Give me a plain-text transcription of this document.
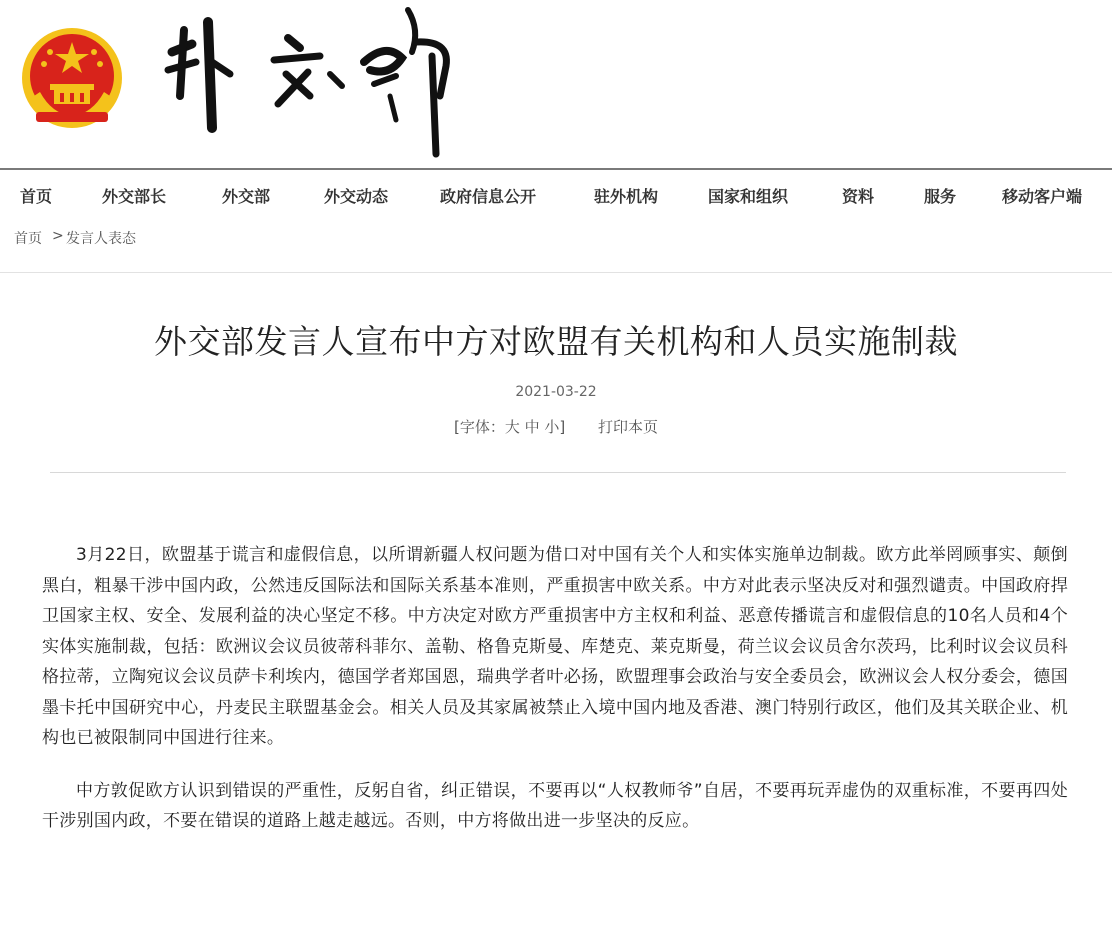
首页	外交部长	外交部	外交动态	政府信息公开	驻外机构	国家和组织	资料	服务	移动客户端
首页 > 发言人表态
外交部发言人宣布中方对欧盟有关机构和人员实施制裁
2021-03-22
[字体：大 中 小] 打印本页

3月22日，欧盟基于谎言和虚假信息，以所谓新疆人权问题为借口对中国有关个人和实体实施单边制裁。欧方此举罔顾事实、颠倒黑白，粗暴干涉中国内政，公然违反国际法和国际关系基本准则，严重损害中欧关系。中方对此表示坚决反对和强烈谴责。中国政府捍卫国家主权、安全、发展利益的决心坚定不移。中方决定对欧方严重损害中方主权和利益、恶意传播谎言和虚假信息的10名人员和4个实体实施制裁，包括：欧洲议会议员彼蒂科菲尔、盖勒、格鲁克斯曼、库楚克、莱克斯曼，荷兰议会议员舍尔茨玛，比利时议会议员科格拉蒂，立陶宛议会议员萨卡利埃内，德国学者郑国恩，瑞典学者叶必扬，欧盟理事会政治与安全委员会，欧洲议会人权分委会，德国墨卡托中国研究中心，丹麦民主联盟基金会。相关人员及其家属被禁止入境中国内地及香港、澳门特别行政区，他们及其关联企业、机构也已被限制同中国进行往来。

中方敦促欧方认识到错误的严重性，反躬自省，纠正错误，不要再以“人权教师爷”自居，不要再玩弄虚伪的双重标准，不要再四处干涉别国内政，不要在错误的道路上越走越远。否则，中方将做出进一步坚决的反应。
